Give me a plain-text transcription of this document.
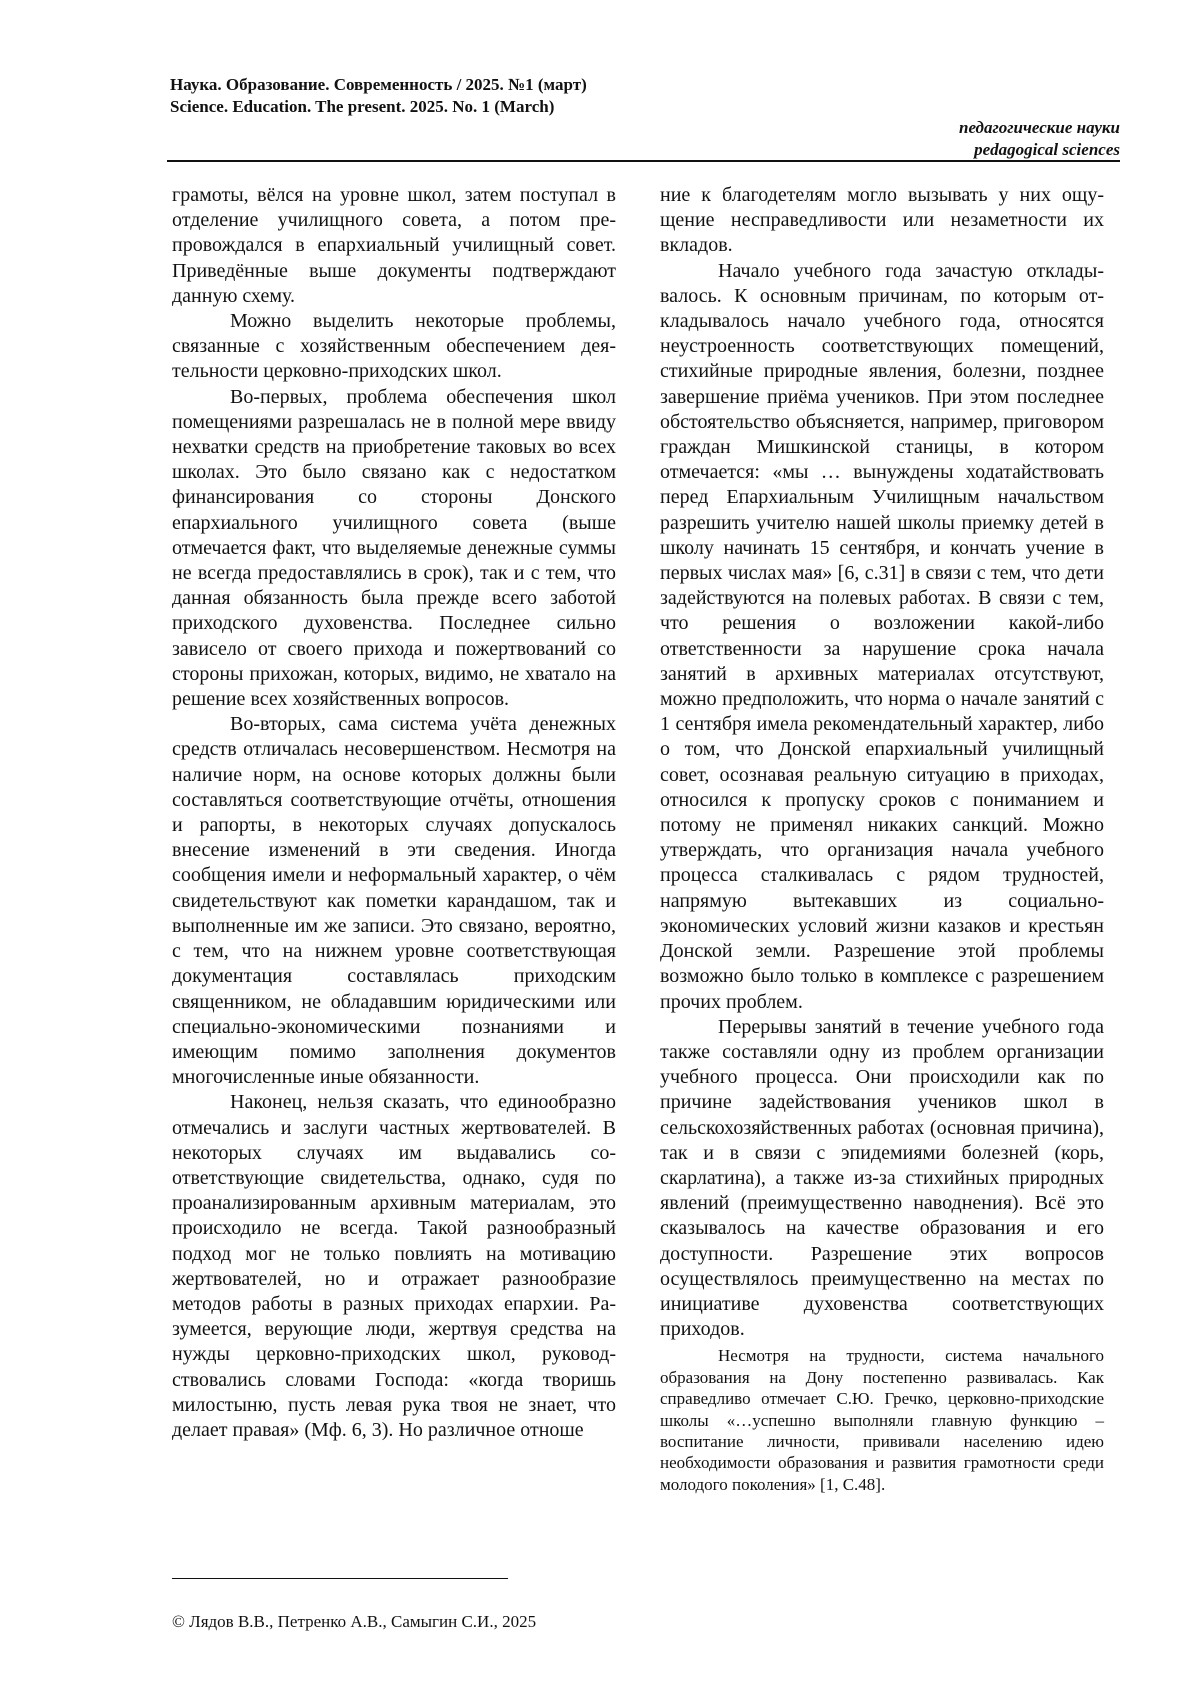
Наука. Образование. Современность / 2025. №1 (март)

Science. Education. The present. 2025. No. 1 (March)

педагогические науки
pedagogical sciences

грамоты, вёлся на уровне школ, затем поступал в отделение училищного совета, а потом препровождался в епархиальный училищный совет. Приведённые выше документы подтверждают данную схему.

Можно выделить некоторые проблемы, связанные с хозяйственным обеспечением деятельности церковно-приходских школ.

Во-первых, проблема обеспечения школ помещениями разрешалась не в полной мере ввиду нехватки средств на приобретение таковых во всех школах. Это было связано как с недостатком финансирования со стороны Донского епархиального училищного совета (выше отмечается факт, что выделяемые денежные суммы не всегда предоставлялись в срок), так и с тем, что данная обязанность была прежде всего заботой приходского духовенства. Последнее сильно зависело от своего прихода и пожертвований со стороны прихожан, которых, видимо, не хватало на решение всех хозяйственных вопросов.

Во-вторых, сама система учёта денежных средств отличалась несовершенством. Несмотря на наличие норм, на основе которых должны были составляться соответствующие отчёты, отношения и рапорты, в некоторых случаях допускалось внесение изменений в эти сведения. Иногда сообщения имели и неформальный характер, о чём свидетельствуют как пометки карандашом, так и выполненные им же записи. Это связано, вероятно, с тем, что на нижнем уровне соответствующая документация составлялась приходским священником, не обладавшим юридическими или специально-экономическими познаниями и имеющим помимо заполнения документов многочисленные иные обязанности.

Наконец, нельзя сказать, что единообразно отмечались и заслуги частных жертвователей. В некоторых случаях им выдавались соответствующие свидетельства, однако, судя по проанализированным архивным материалам, это происходило не всегда. Такой разнообразный подход мог не только повлиять на мотивацию жертвователей, но и отражает разнообразие методов работы в разных приходах епархии. Разумеется, верующие люди, жертвуя средства на нужды церковно-приходских школ, руководствовались словами Господа: «когда творишь милостыню, пусть левая рука твоя не знает, что делает правая» (Мф. 6, 3). Но различное отноше

ние к благодетелям могло вызывать у них ощущение несправедливости или незаметности их вкладов.

Начало учебного года зачастую откладывалось. К основным причинам, по которым откладывалось начало учебного года, относятся неустроенность соответствующих помещений, стихийные природные явления, болезни, позднее завершение приёма учеников. При этом последнее обстоятельство объясняется, например, приговором граждан Мишкинской станицы, в котором отмечается: «мы … вынуждены ходатайствовать перед Епархиальным Училищным начальством разрешить учителю нашей школы приемку детей в школу начинать 15 сентября, и кончать учение в первых числах мая» [6, с.31] в связи с тем, что дети задействуются на полевых работах. В связи с тем, что решения о возложении какой-либо ответственности за нарушение срока начала занятий в архивных материалах отсутствуют, можно предположить, что норма о начале занятий с 1 сентября имела рекомендательный характер, либо о том, что Донской епархиальный училищный совет, осознавая реальную ситуацию в приходах, относился к пропуску сроков с пониманием и потому не применял никаких санкций. Можно утверждать, что организация начала учебного процесса сталкивалась с рядом трудностей, напрямую вытекавших из социально-экономических условий жизни казаков и крестьян Донской земли. Разрешение этой проблемы возможно было только в комплексе с разрешением прочих проблем.

Перерывы занятий в течение учебного года также составляли одну из проблем организации учебного процесса. Они происходили как по причине задействования учеников школ в сельскохозяйственных работах (основная причина), так и в связи с эпидемиями болезней (корь, скарлатина), а также из-за стихийных природных явлений (преимущественно наводнения). Всё это сказывалось на качестве образования и его доступности. Разрешение этих вопросов осуществлялось преимущественно на местах по инициативе духовенства соответствующих приходов.

Несмотря на трудности, система начального образования на Дону постепенно развивалась. Как справедливо отмечает С.Ю. Гречко, церковно-приходские школы «…успешно выполняли главную функцию – воспитание личности, прививали населению идею необходимости образования и развития грамотности среди молодого поколения» [1, С.48].

© Лядов В.В., Петренко А.В., Самыгин С.И., 2025
